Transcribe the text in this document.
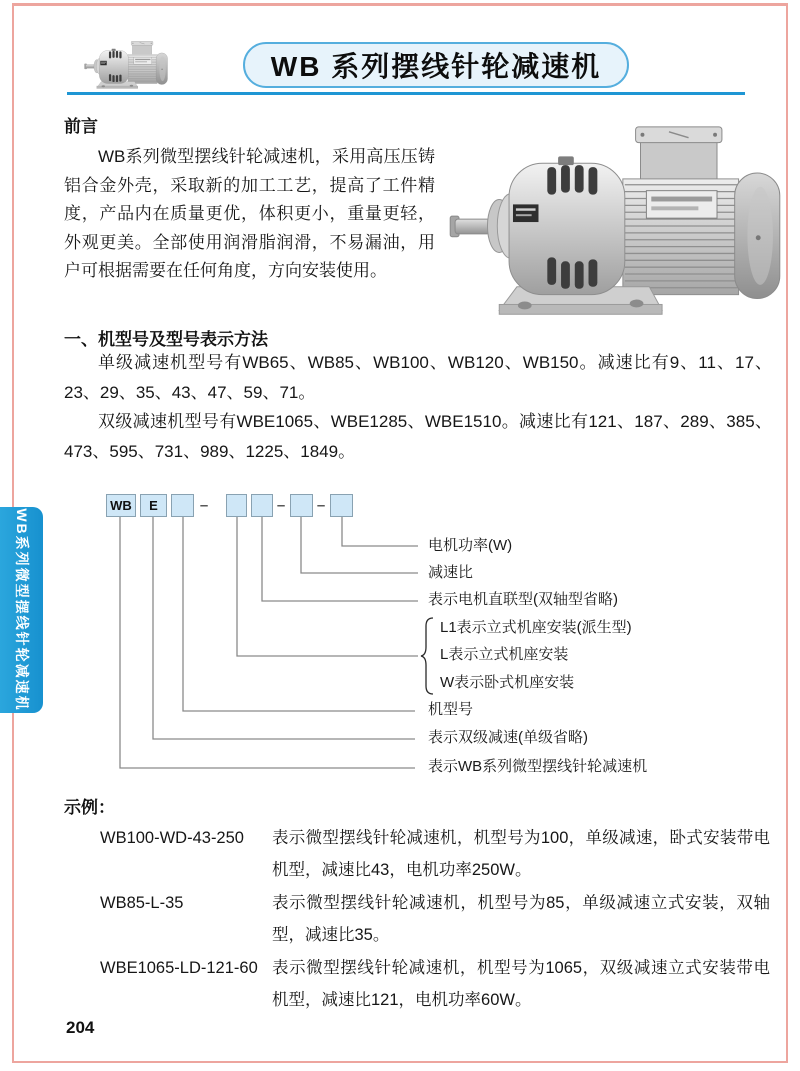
WB 系列摆线针轮减速机
WB系列微型摆线针轮减速机
前言
WB系列微型摆线针轮减速机，采用高压压铸铝合金外壳，采取新的加工工艺，提高了工件精度，产品内在质量更优，体积更小，重量更轻，外观更美。全部使用润滑脂润滑，不易漏油，用户可根据需要在任何角度，方向安装使用。
一、机型号及型号表示方法
单级减速机型号有WB65、WB85、WB100、WB120、WB150。减速比有9、11、17、23、29、35、43、47、59、71。
双级减速机型号有WBE1065、WBE1285、WBE1510。减速比有121、187、289、385、473、595、731、989、1225、1849。
WB	E	–	– –
电机功率(W)
减速比
表示电机直联型(双轴型省略)
L1表示立式机座安装(派生型)
L表示立式机座安装
W表示卧式机座安装
机型号
表示双级减速(单级省略)
表示WB系列微型摆线针轮减速机
示例：
WB100-WD-43-250	表示微型摆线针轮减速机，机型号为100，单级减速，卧式安装带电机型，减速比43，电机功率250W。
WB85-L-35	表示微型摆线针轮减速机，机型号为85，单级减速立式安装，双轴型，减速比35。
WBE1065-LD-121-60 表示微型摆线针轮减速机，机型号为1065，双级减速立式安装带电机型，减速比121，电机功率60W。
204
